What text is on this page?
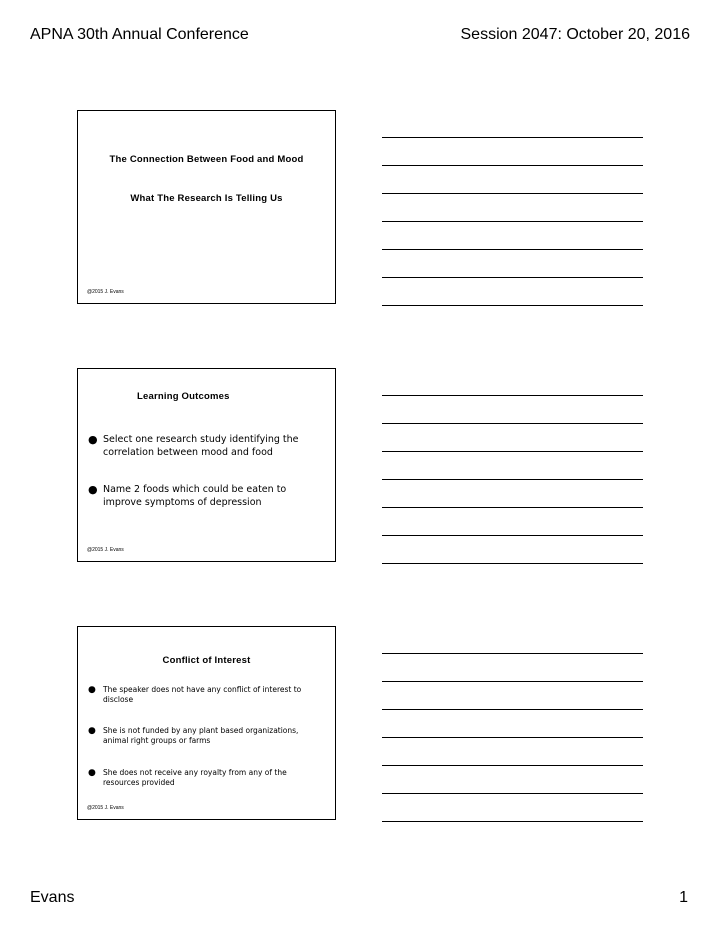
APNA 30th Annual Conference	Session 2047: October 20, 2016
The Connection Between Food and Mood
What The Research Is Telling Us
@2015 J. Evans
Learning Outcomes
● Select one research study identifying the correlation between mood and food
● Name 2 foods which could be eaten to improve symptoms of depression
@2015 J. Evans
Conflict of Interest
● The speaker does not have any conflict of interest to disclose
● She is not funded by any plant based organizations, animal right groups or farms
● She does not receive any royalty from any of the resources provided
@2015 J. Evans
Evans	1
